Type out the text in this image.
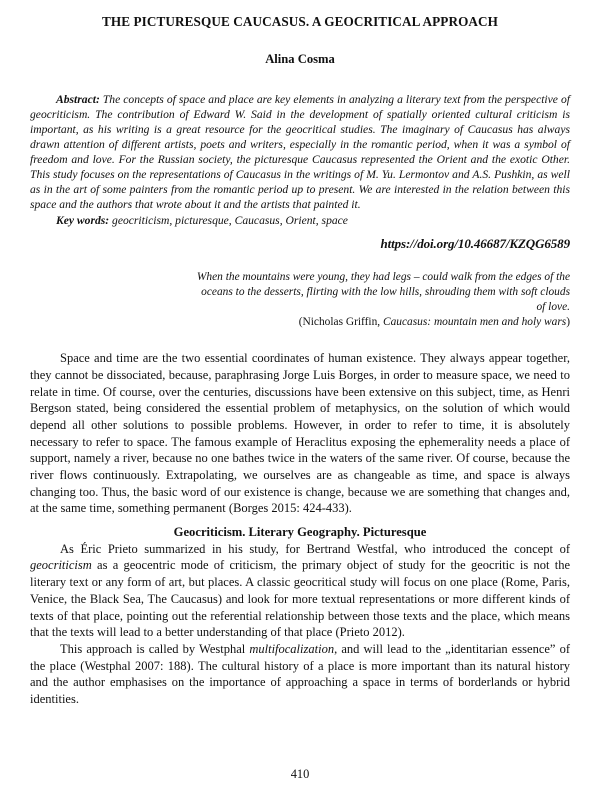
THE PICTURESQUE CAUCASUS. A GEOCRITICAL APPROACH
Alina Cosma

Abstract: The concepts of space and place are key elements in analyzing a literary text from the perspective of geocriticism. The contribution of Edward W. Said in the development of spatially oriented cultural criticism is important, as his writing is a great resource for the geocritical studies. The imaginary of Caucasus has always drawn attention of different artists, poets and writers, especially in the romantic period, when it was a symbol of freedom and love. For the Russian society, the picturesque Caucasus represented the Orient and the exotic Other. This study focuses on the representations of Caucasus in the writings of M. Yu. Lermontov and A.S. Pushkin, as well as in the art of some painters from the romantic period up to present. We are interested in the relation between this space and the authors that wrote about it and the artists that painted it.

Key words: geocriticism, picturesque, Caucasus, Orient, space

https://doi.org/10.46687/KZQG6589
When the mountains were young, they had legs – could walk from the edges of the oceans to the desserts, flirting with the low hills, shrouding them with soft clouds of love.
(Nicholas Griffin, Caucasus: mountain men and holy wars)

Space and time are the two essential coordinates of human existence. They always appear together, they cannot be dissociated, because, paraphrasing Jorge Luis Borges, in order to measure space, we need to relate in time. Of course, over the centuries, discussions have been extensive on this subject, time, as Henri Bergson stated, being considered the essential problem of metaphysics, on the solution of which would depend all other solutions to possible problems. However, in order to refer to time, it is absolutely necessary to refer to space. The famous example of Heraclitus exposing the ephemerality needs a place of support, namely a river, because no one bathes twice in the waters of the same river. Of course, because the river flows continuously. Extrapolating, we ourselves are as changeable as time, and space is always changing too. Thus, the basic word of our existence is change, because we are something that changes and, at the same time, something permanent (Borges 2015: 424-433).

Geocriticism. Literary Geography. Picturesque

As Éric Prieto summarized in his study, for Bertrand Westfal, who introduced the concept of geocriticism as a geocentric mode of criticism, the primary object of study for the geocritic is not the literary text or any form of art, but places. A classic geocritical study will focus on one place (Rome, Paris, Venice, the Black Sea, The Caucasus) and look for more textual representations or more different kinds of texts of that place, pointing out the referential relationship between those texts and the place, which means that the texts will lead to a better understanding of that place (Prieto 2012).

This approach is called by Westphal multifocalization, and will lead to the „identitarian essence” of the place (Westphal 2007: 188). The cultural history of a place is more important than its natural history and the author emphasises on the importance of approaching a space in terms of borderlands or hybrid identities.

410
